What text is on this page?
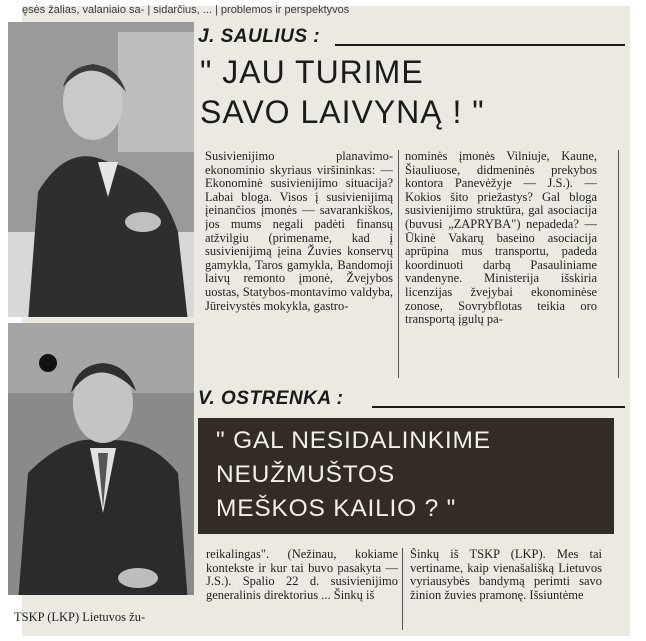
ęsės žalias, valaniaio sa- | sidarčius, ... | problemos ir perspektyvos
J. SAULIUS :
" JAU TURIME
SAVO LAIVYNĄ ! "
Susivienijimo planavimo-ekonominio skyriaus viršininkas: — Ekonominė susivienijimo situacija? Labai bloga. Visos į susivienijimą įeinančios įmonės — savarankiškos, jos mums negali padėti finansų atžvilgiu (primename, kad į susivienijimą įeina Žuvies konservų gamykla, Taros gamykla, Bandomoji laivų remonto įmonė, Žvejybos uostas, Statybos-montavimo valdyba, Jūreivystės mokykla, gastro-
nominės įmonės Vilniuje, Kaune, Šiauliuose, didmeninės prekybos kontora Panevėžyje — J.S.). — Kokios šito priežastys? Gal bloga susivienijimo struktūra, gal asociacija (buvusi „ZAPRYBA") nepadeda? — Ūkinė Vakarų baseino asociacija aprūpina mus transportu, padeda koordinuoti darbą Pasauliniame vandenyne. Ministerija išskiria licenzijas žvejybai ekonominėse zonose, Sovrybflotas teikia oro transportą įgulų pa-
V. OSTRENKA :
" GAL NESIDALINKIME
NEUŽMUŠTOS
MEŠKOS KAILIO ? "
reikalingas". (Nežinau, kokiame kontekste ir kur tai buvo pasakyta — J.S.). Spalio 22 d. susivienijimo generalinis direktorius ... Šinkų iš
Šinkų iš TSKP (LKP). Mes tai vertiname, kaip vienašališką Lietuvos vyriausybės bandymą perimti savo žinion žuvies pramonę. Išsiuntėme
TSKP (LKP) Lietuvos žu-
